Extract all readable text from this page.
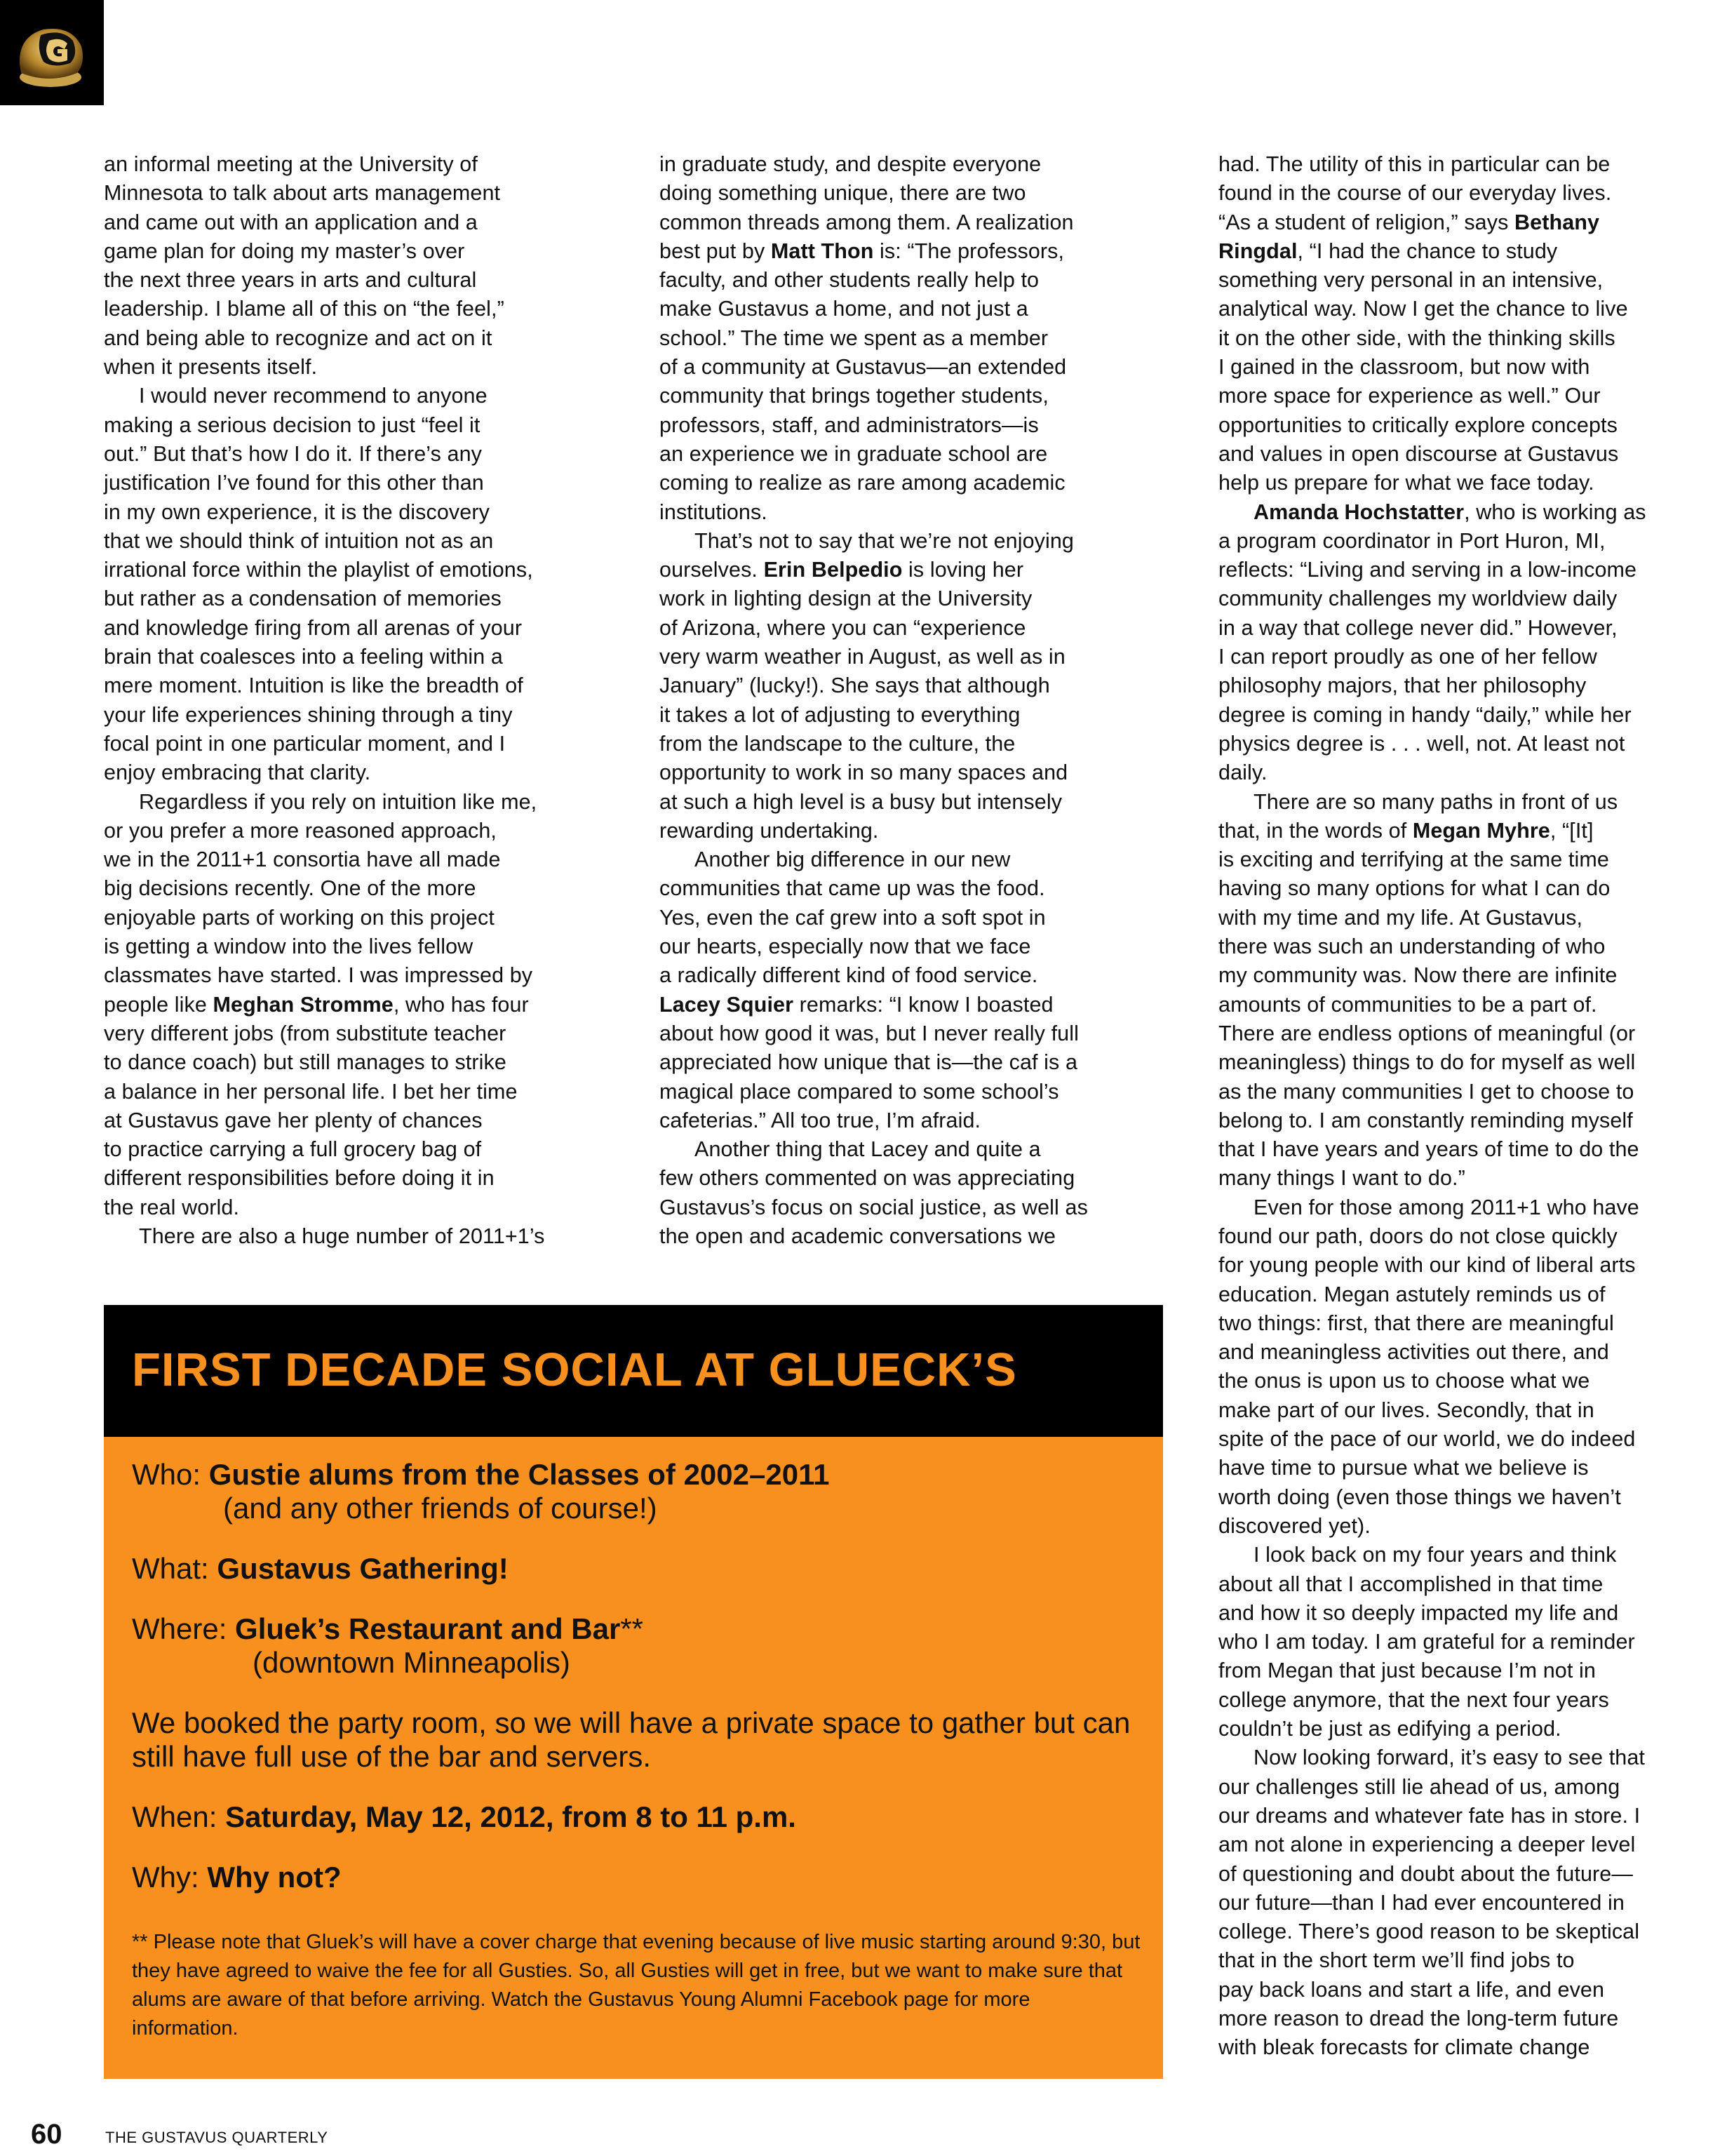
an informal meeting at the University of
Minnesota to talk about arts management
and came out with an application and a
game plan for doing my master’s over
the next three years in arts and cultural
leadership. I blame all of this on “the feel,”
and being able to recognize and act on it
when it presents itself.
I would never recommend to anyone
making a serious decision to just “feel it
out.” But that’s how I do it. If there’s any
justification I’ve found for this other than
in my own experience, it is the discovery
that we should think of intuition not as an
irrational force within the playlist of emotions,
but rather as a condensation of memories
and knowledge firing from all arenas of your
brain that coalesces into a feeling within a
mere moment. Intuition is like the breadth of
your life experiences shining through a tiny
focal point in one particular moment, and I
enjoy embracing that clarity.
Regardless if you rely on intuition like me,
or you prefer a more reasoned approach,
we in the 2011+1 consortia have all made
big decisions recently. One of the more
enjoyable parts of working on this project
is getting a window into the lives fellow
classmates have started. I was impressed by
people like Meghan Stromme, who has four
very different jobs (from substitute teacher
to dance coach) but still manages to strike
a balance in her personal life. I bet her time
at Gustavus gave her plenty of chances
to practice carrying a full grocery bag of
different responsibilities before doing it in
the real world.
There are also a huge number of 2011+1’s
in graduate study, and despite everyone
doing something unique, there are two
common threads among them. A realization
best put by Matt Thon is: “The professors,
faculty, and other students really help to
make Gustavus a home, and not just a
school.” The time we spent as a member
of a community at Gustavus—an extended
community that brings together students,
professors, staff, and administrators—is
an experience we in graduate school are
coming to realize as rare among academic
institutions.
That’s not to say that we’re not enjoying
ourselves. Erin Belpedio is loving her
work in lighting design at the University
of Arizona, where you can “experience
very warm weather in August, as well as in
January” (lucky!). She says that although
it takes a lot of adjusting to everything
from the landscape to the culture, the
opportunity to work in so many spaces and
at such a high level is a busy but intensely
rewarding undertaking.
Another big difference in our new
communities that came up was the food.
Yes, even the caf grew into a soft spot in
our hearts, especially now that we face
a radically different kind of food service.
Lacey Squier remarks: “I know I boasted
about how good it was, but I never really full
appreciated how unique that is—the caf is a
magical place compared to some school’s
cafeterias.” All too true, I’m afraid.
Another thing that Lacey and quite a
few others commented on was appreciating
Gustavus’s focus on social justice, as well as
the open and academic conversations we
had. The utility of this in particular can be
found in the course of our everyday lives.
“As a student of religion,” says Bethany
Ringdal, “I had the chance to study
something very personal in an intensive,
analytical way. Now I get the chance to live
it on the other side, with the thinking skills
I gained in the classroom, but now with
more space for experience as well.” Our
opportunities to critically explore concepts
and values in open discourse at Gustavus
help us prepare for what we face today.
Amanda Hochstatter, who is working as
a program coordinator in Port Huron, MI,
reflects: “Living and serving in a low-income
community challenges my worldview daily
in a way that college never did.” However,
I can report proudly as one of her fellow
philosophy majors, that her philosophy
degree is coming in handy “daily,” while her
physics degree is . . . well, not. At least not
daily.
There are so many paths in front of us
that, in the words of Megan Myhre, “[It]
is exciting and terrifying at the same time
having so many options for what I can do
with my time and my life. At Gustavus,
there was such an understanding of who
my community was. Now there are infinite
amounts of communities to be a part of.
There are endless options of meaningful (or
meaningless) things to do for myself as well
as the many communities I get to choose to
belong to. I am constantly reminding myself
that I have years and years of time to do the
many things I want to do.”
Even for those among 2011+1 who have
found our path, doors do not close quickly
for young people with our kind of liberal arts
education. Megan astutely reminds us of
two things: first, that there are meaningful
and meaningless activities out there, and
the onus is upon us to choose what we
make part of our lives. Secondly, that in
spite of the pace of our world, we do indeed
have time to pursue what we believe is
worth doing (even those things we haven’t
discovered yet).
I look back on my four years and think
about all that I accomplished in that time
and how it so deeply impacted my life and
who I am today. I am grateful for a reminder
from Megan that just because I’m not in
college anymore, that the next four years
couldn’t be just as edifying a period.
Now looking forward, it’s easy to see that
our challenges still lie ahead of us, among
our dreams and whatever fate has in store. I
am not alone in experiencing a deeper level
of questioning and doubt about the future—
our future—than I had ever encountered in
college. There’s good reason to be skeptical
that in the short term we’ll find jobs to
pay back loans and start a life, and even
more reason to dread the long-term future
with bleak forecasts for climate change
FIRST DECADE SOCIAL AT GLUECK’S
Who: Gustie alums from the Classes of 2002–2011
(and any other friends of course!)
What: Gustavus Gathering!
Where: Gluek’s Restaurant and Bar**
(downtown Minneapolis)
We booked the party room, so we will have a private space to gather but can still have full use of the bar and servers.
When: Saturday, May 12, 2012, from 8 to 11 p.m.
Why: Why not?
** Please note that Gluek’s will have a cover charge that evening because of live music starting around 9:30, but they have agreed to waive the fee for all Gusties. So, all Gusties will get in free, but we want to make sure that alums are aware of that before arriving. Watch the Gustavus Young Alumni Facebook page for more information.
60	THE GUSTAVUS QUARTERLY
